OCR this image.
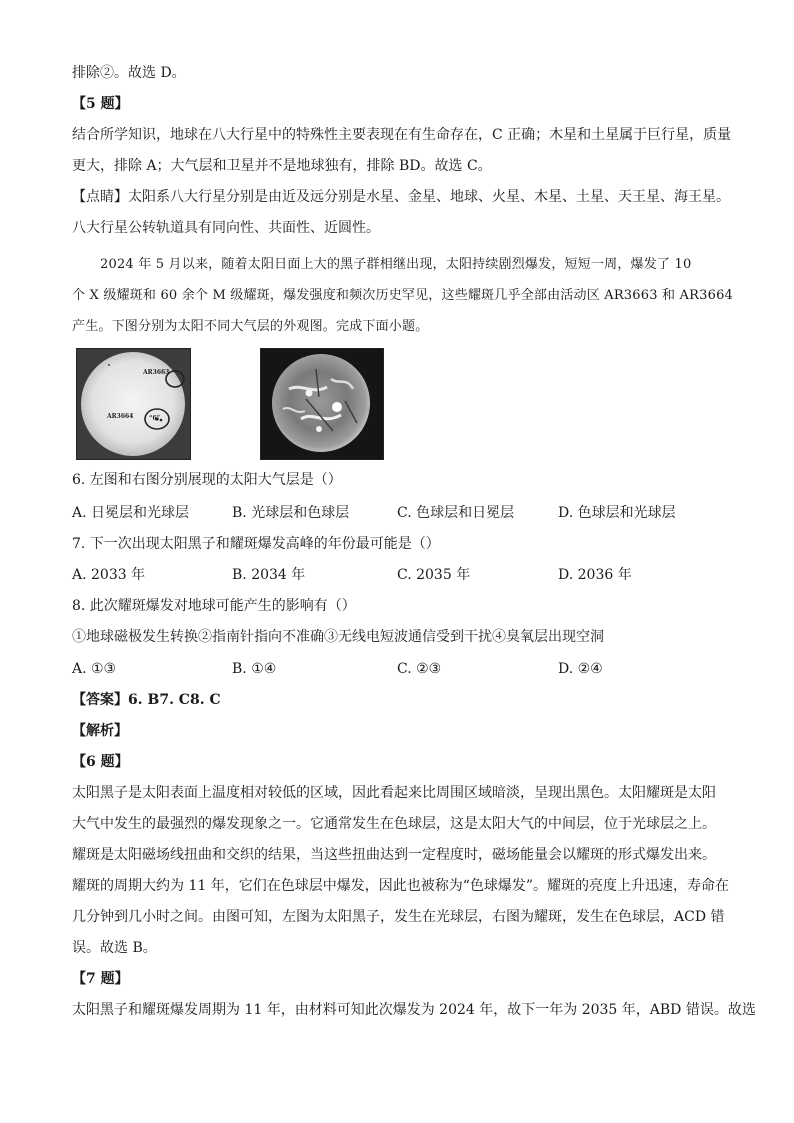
排除②。故选 D。
【5 题】
结合所学知识，地球在八大行星中的特殊性主要表现在有生命存在，C 正确；木星和土星属于巨行星，质量
更大，排除 A；大气层和卫星并不是地球独有，排除 BD。故选 C。
【点睛】太阳系八大行星分别是由近及远分别是水星、金星、地球、火星、木星、土星、天王星、海王星。
八大行星公转轨道具有同向性、共面性、近圆性。
2024 年 5 月以来，随着太阳日面上大的黑子群相继出现，太阳持续剧烈爆发，短短一周，爆发了 10
个 X 级耀斑和 60 余个 M 级耀斑，爆发强度和频次历史罕见，这些耀斑几乎全部由活动区 AR3663 和 AR3664
产生。下图分别为太阳不同大气层的外观图。完成下面小题。
AR3663
AR3664	“6”
6. 左图和右图分别展现的太阳大气层是（）
A. 日冕层和光球层	B. 光球层和色球层	C. 色球层和日冕层	D. 色球层和光球层
7. 下一次出现太阳黑子和耀斑爆发高峰的年份最可能是（）
A. 2033 年	B. 2034 年	C. 2035 年	D. 2036 年
8. 此次耀斑爆发对地球可能产生的影响有（）
①地球磁极发生转换②指南针指向不准确③无线电短波通信受到干扰④臭氧层出现空洞
A. ①③	B. ①④	C. ②③	D. ②④
【答案】6. B7. C8. C
【解析】
【6 题】
太阳黑子是太阳表面上温度相对较低的区域，因此看起来比周围区域暗淡，呈现出黑色。太阳耀斑是太阳
大气中发生的最强烈的爆发现象之一。它通常发生在色球层，这是太阳大气的中间层，位于光球层之上。
耀斑是太阳磁场线扭曲和交织的结果，当这些扭曲达到一定程度时，磁场能量会以耀斑的形式爆发出来。
耀斑的周期大约为 11 年，它们在色球层中爆发，因此也被称为“色球爆发”。耀斑的亮度上升迅速，寿命在
几分钟到几小时之间。由图可知，左图为太阳黑子，发生在光球层，右图为耀斑，发生在色球层，ACD 错
误。故选 B。
【7 题】
太阳黑子和耀斑爆发周期为 11 年，由材料可知此次爆发为 2024 年，故下一年为 2035 年，ABD 错误。故选
